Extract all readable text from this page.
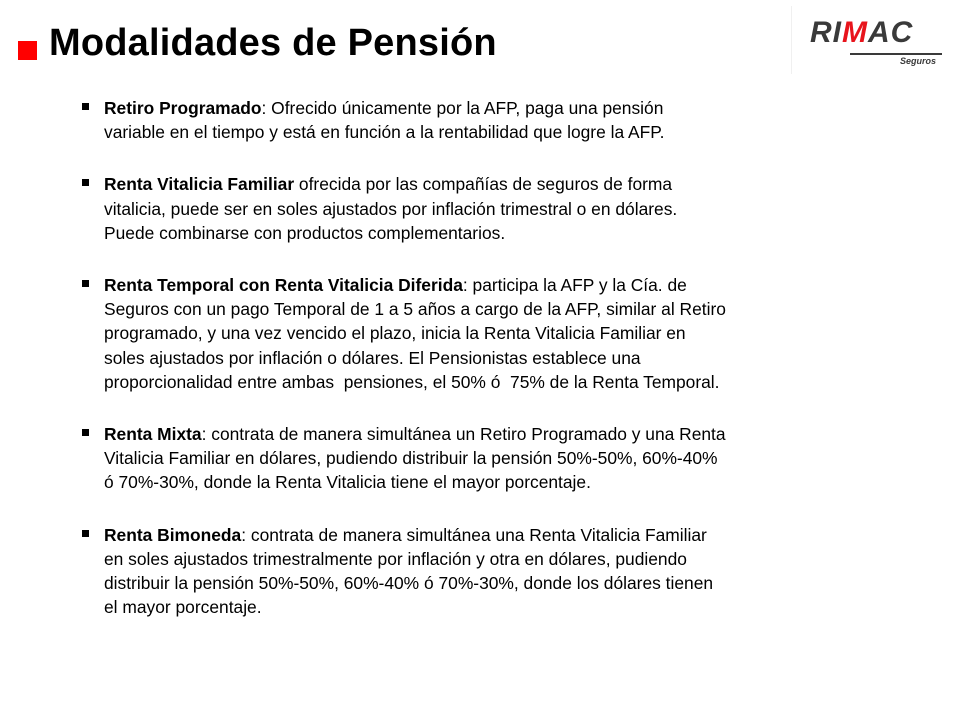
Modalidades de Pensión	RIMAC
Seguros
Retiro Programado: Ofrecido únicamente por la AFP, paga una pensión
variable en el tiempo y está en función a la rentabilidad que logre la AFP.
Renta Vitalicia Familiar ofrecida por las compañías de seguros de forma
vitalicia, puede ser en soles ajustados por inflación trimestral o en dólares.
Puede combinarse con productos complementarios.
Renta Temporal con Renta Vitalicia Diferida: participa la AFP y la Cía. de
Seguros con un pago Temporal de 1 a 5 años a cargo de la AFP, similar al Retiro
programado, y una vez vencido el plazo, inicia la Renta Vitalicia Familiar en
soles ajustados por inflación o dólares. El Pensionistas establece una
proporcionalidad entre ambas  pensiones, el 50% ó  75% de la Renta Temporal.
Renta Mixta: contrata de manera simultánea un Retiro Programado y una Renta
Vitalicia Familiar en dólares, pudiendo distribuir la pensión 50%-50%, 60%-40%
ó 70%-30%, donde la Renta Vitalicia tiene el mayor porcentaje.
Renta Bimoneda: contrata de manera simultánea una Renta Vitalicia Familiar
en soles ajustados trimestralmente por inflación y otra en dólares, pudiendo
distribuir la pensión 50%-50%, 60%-40% ó 70%-30%, donde los dólares tienen
el mayor porcentaje.
